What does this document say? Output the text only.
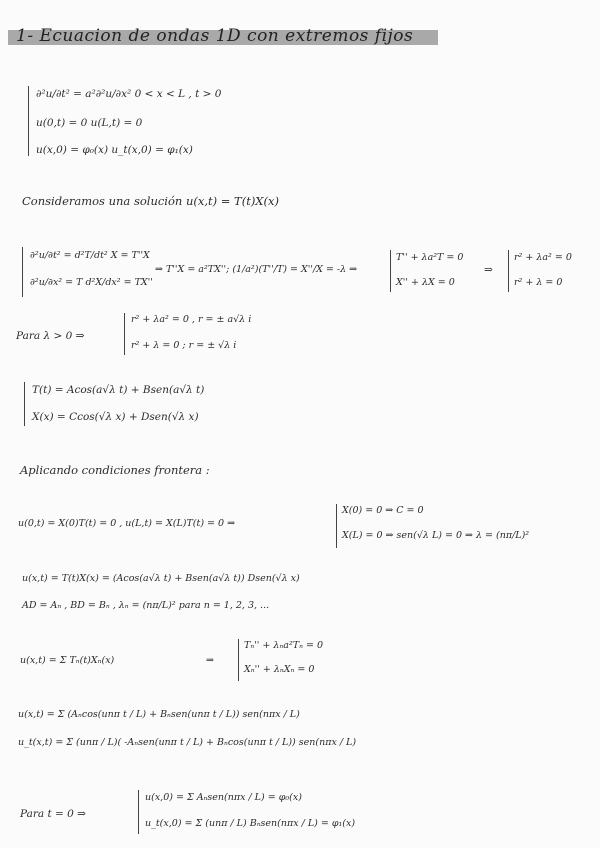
1- Ecuacion de ondas 1D con extremos fijos
∂²u/∂t² = a²∂²u/∂x² 0 < x < L , t > 0
u(0,t) = 0 u(L,t) = 0
u(x,0) = φ₀(x) u_t(x,0) = φ₁(x)
Consideramos una solución u(x,t) = T(t)X(x)
∂²u/∂t² = d²T/dt² X = T''X
∂²u/∂x² = T d²X/dx² = TX''
⇒ T''X = a²TX''; (1/a²)(T''/T) = X''/X = -λ ⇒
T'' + λa²T = 0
X'' + λX = 0
⇒
r² + λa² = 0
r² + λ = 0
Para λ > 0 ⇒
r² + λa² = 0 , r = ± a√λ i
r² + λ = 0 ; r = ± √λ i
T(t) = Acos(a√λ t) + Bsen(a√λ t)
X(x) = Ccos(√λ x) + Dsen(√λ x)
Aplicando condiciones frontera :
u(0,t) = X(0)T(t) = 0 , u(L,t) = X(L)T(t) = 0 ⇒
X(0) = 0 ⇒ C = 0
X(L) = 0 ⇒ sen(√λ L) = 0 ⇒ λ = (nπ/L)²
u(x,t) = T(t)X(x) = (Acos(a√λ t) + Bsen(a√λ t)) Dsen(√λ x)
AD = Aₙ , BD = Bₙ , λₙ = (nπ/L)² para n = 1, 2, 3, ...
u(x,t) = Σ Tₙ(t)Xₙ(x)	⇒
Tₙ'' + λₙa²Tₙ = 0
Xₙ'' + λₙXₙ = 0
u(x,t) = Σ (Aₙcos(unπ t / L) + Bₙsen(unπ t / L)) sen(nπx / L)
u_t(x,t) = Σ (unπ / L)( -Aₙsen(unπ t / L) + Bₙcos(unπ t / L)) sen(nπx / L)
Para t = 0 ⇒
u(x,0) = Σ Aₙsen(nπx / L) = φ₀(x)
u_t(x,0) = Σ (unπ / L) Bₙsen(nπx / L) = φ₁(x)
